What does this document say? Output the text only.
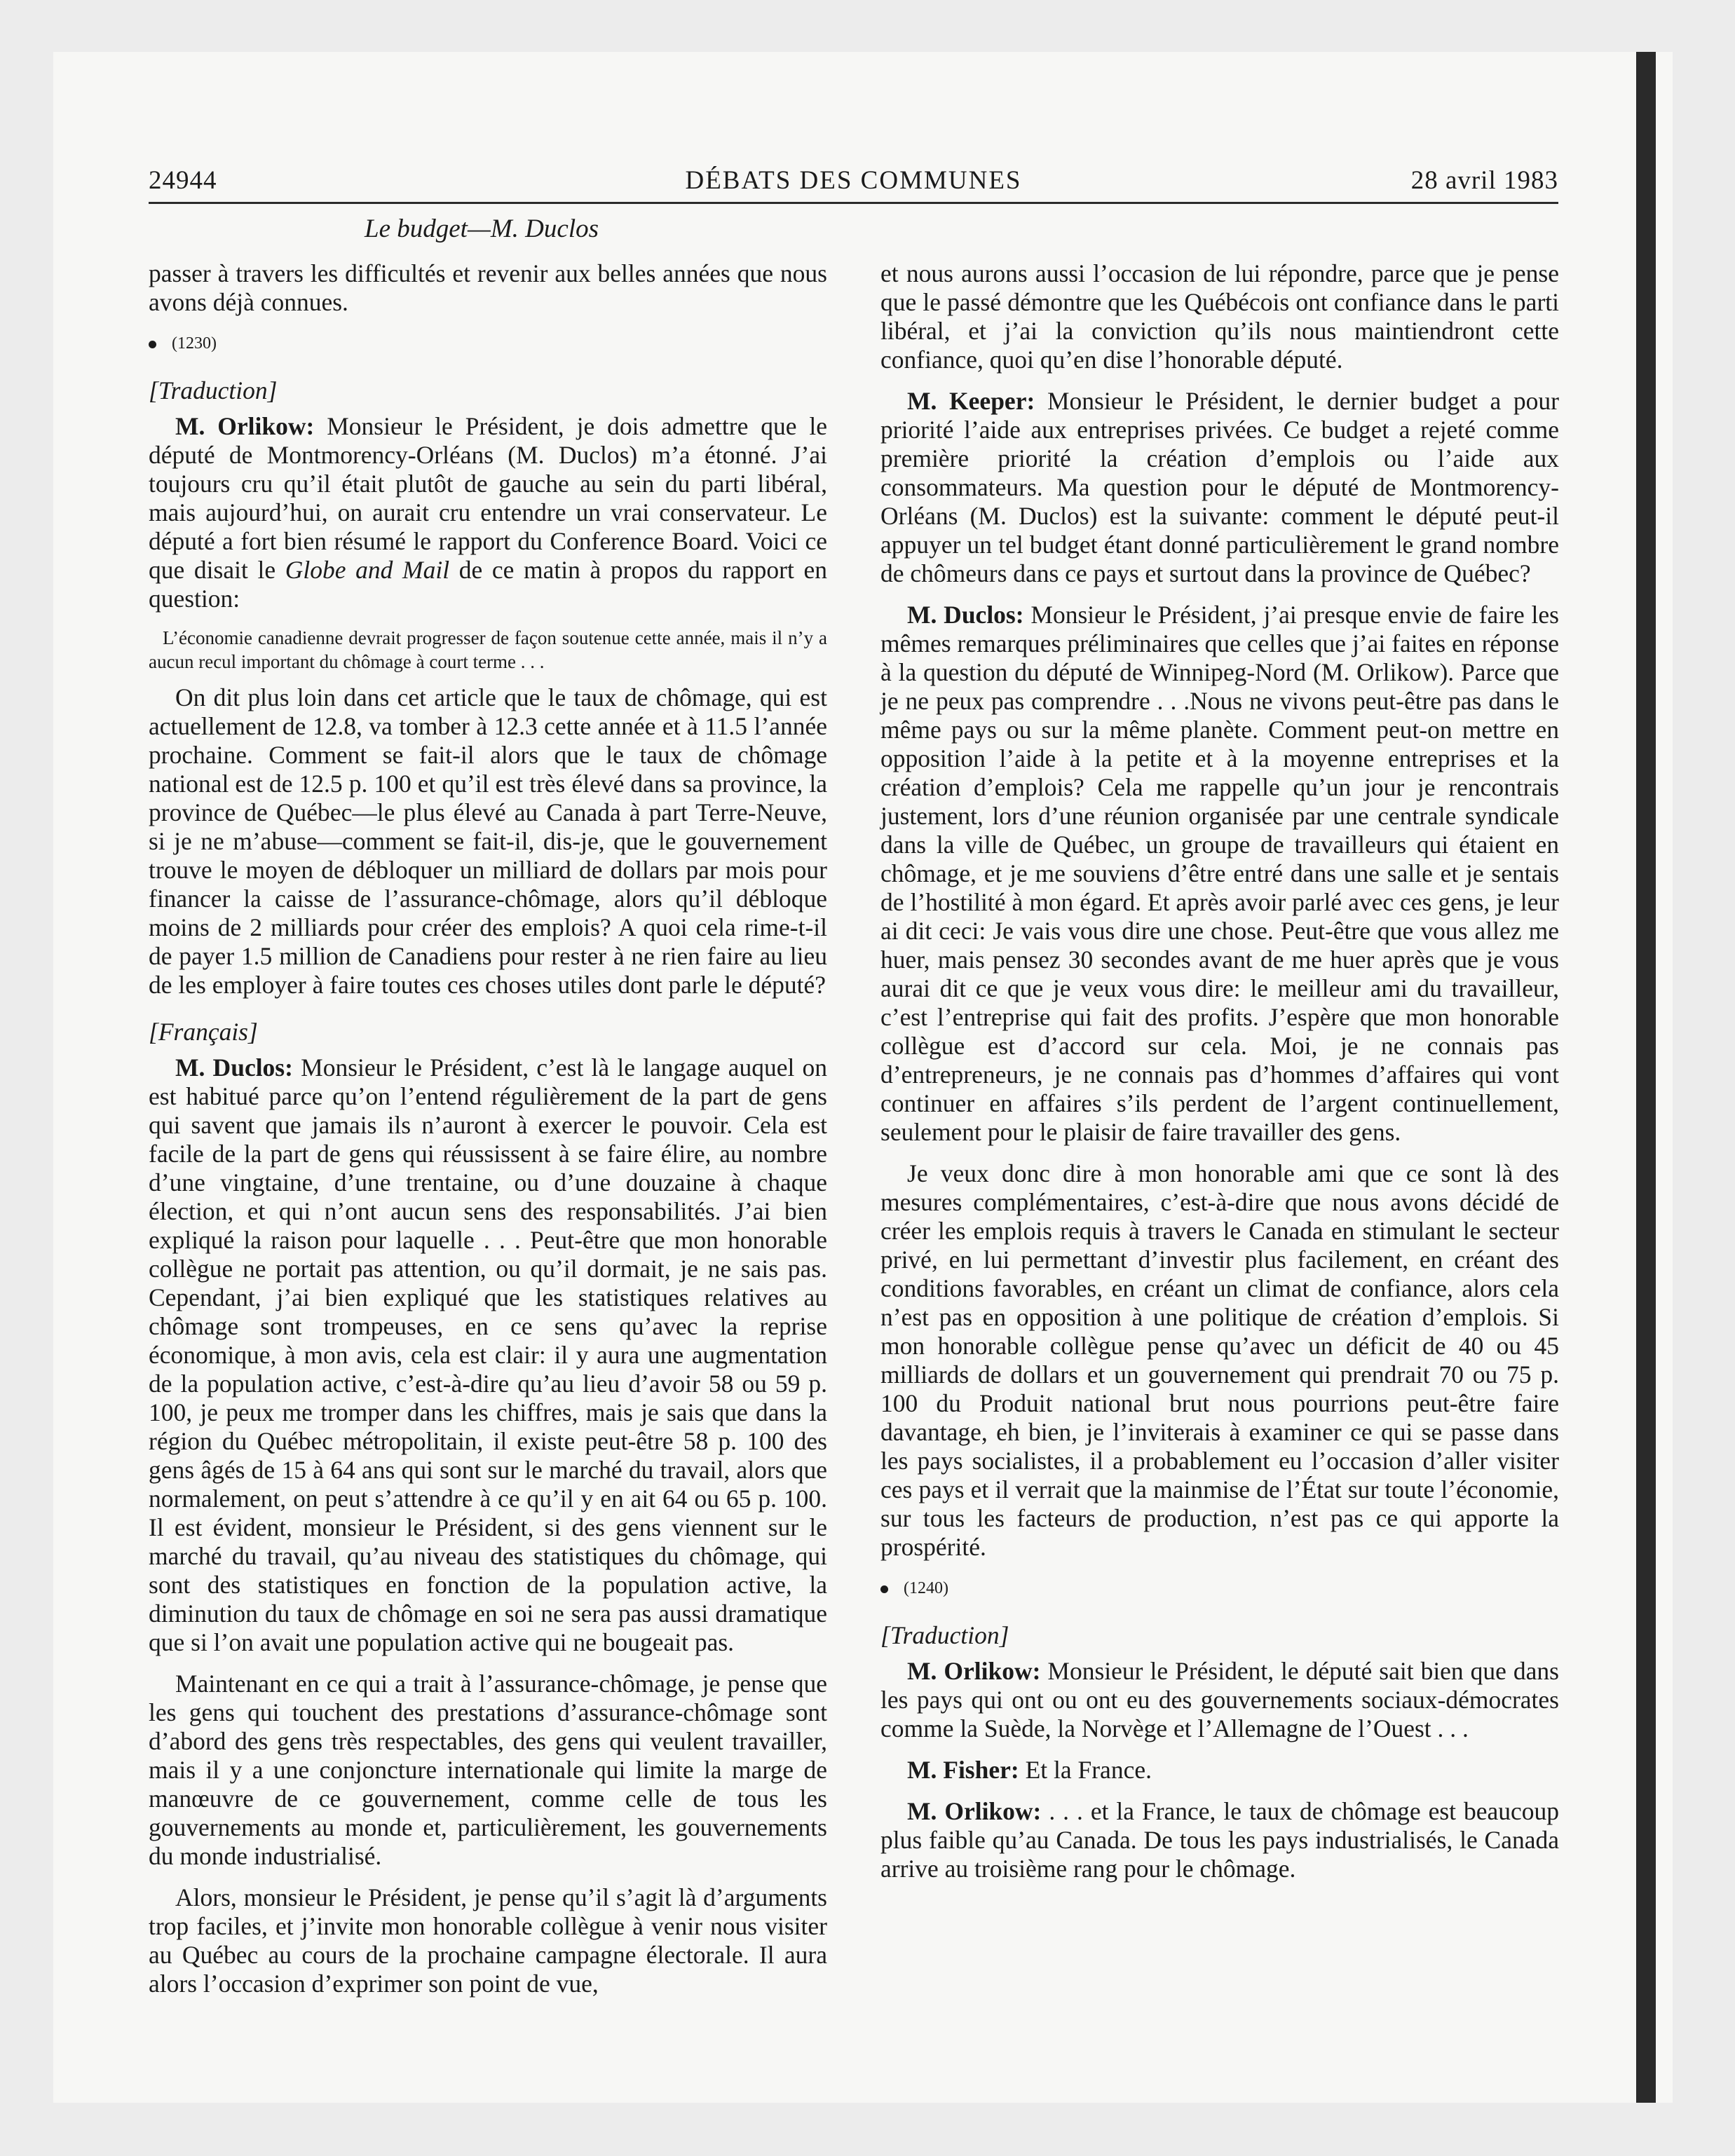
24944	DÉBATS DES COMMUNES	28 avril 1983
Le budget—M. Duclos

passer à travers les difficultés et revenir aux belles années que nous avons déjà connues.

(1230)

[Traduction]

M. Orlikow: Monsieur le Président, je dois admettre que le député de Montmorency-Orléans (M. Duclos) m’a étonné. J’ai toujours cru qu’il était plutôt de gauche au sein du parti libéral, mais aujourd’hui, on aurait cru entendre un vrai conservateur. Le député a fort bien résumé le rapport du Conference Board. Voici ce que disait le Globe and Mail de ce matin à propos du rapport en question:

L’économie canadienne devrait progresser de façon soutenue cette année, mais il n’y a aucun recul important du chômage à court terme . . .

On dit plus loin dans cet article que le taux de chômage, qui est actuellement de 12.8, va tomber à 12.3 cette année et à 11.5 l’année prochaine. Comment se fait-il alors que le taux de chômage national est de 12.5 p. 100 et qu’il est très élevé dans sa province, la province de Québec—le plus élevé au Canada à part Terre-Neuve, si je ne m’abuse—comment se fait-il, dis-je, que le gouvernement trouve le moyen de débloquer un milliard de dollars par mois pour financer la caisse de l’assurance-chômage, alors qu’il débloque moins de 2 milliards pour créer des emplois? A quoi cela rime-t-il de payer 1.5 million de Canadiens pour rester à ne rien faire au lieu de les employer à faire toutes ces choses utiles dont parle le député?

[Français]

M. Duclos: Monsieur le Président, c’est là le langage auquel on est habitué parce qu’on l’entend régulièrement de la part de gens qui savent que jamais ils n’auront à exercer le pouvoir. Cela est facile de la part de gens qui réussissent à se faire élire, au nombre d’une vingtaine, d’une trentaine, ou d’une douzaine à chaque élection, et qui n’ont aucun sens des responsabilités. J’ai bien expliqué la raison pour laquelle . . . Peut-être que mon honorable collègue ne portait pas attention, ou qu’il dormait, je ne sais pas. Cependant, j’ai bien expliqué que les statistiques relatives au chômage sont trompeuses, en ce sens qu’avec la reprise économique, à mon avis, cela est clair: il y aura une augmentation de la population active, c’est-à-dire qu’au lieu d’avoir 58 ou 59 p. 100, je peux me tromper dans les chiffres, mais je sais que dans la région du Québec métropolitain, il existe peut-être 58 p. 100 des gens âgés de 15 à 64 ans qui sont sur le marché du travail, alors que normalement, on peut s’attendre à ce qu’il y en ait 64 ou 65 p. 100. Il est évident, monsieur le Président, si des gens viennent sur le marché du travail, qu’au niveau des statistiques du chômage, qui sont des statistiques en fonction de la population active, la diminution du taux de chômage en soi ne sera pas aussi dramatique que si l’on avait une population active qui ne bougeait pas.

Maintenant en ce qui a trait à l’assurance-chômage, je pense que les gens qui touchent des prestations d’assurance-chômage sont d’abord des gens très respectables, des gens qui veulent travailler, mais il y a une conjoncture internationale qui limite la marge de manœuvre de ce gouvernement, comme celle de tous les gouvernements au monde et, particulièrement, les gouvernements du monde industrialisé.

Alors, monsieur le Président, je pense qu’il s’agit là d’arguments trop faciles, et j’invite mon honorable collègue à venir nous visiter au Québec au cours de la prochaine campagne électorale. Il aura alors l’occasion d’exprimer son point de vue,

et nous aurons aussi l’occasion de lui répondre, parce que je pense que le passé démontre que les Québécois ont confiance dans le parti libéral, et j’ai la conviction qu’ils nous maintiendront cette confiance, quoi qu’en dise l’honorable député.

M. Keeper: Monsieur le Président, le dernier budget a pour priorité l’aide aux entreprises privées. Ce budget a rejeté comme première priorité la création d’emplois ou l’aide aux consommateurs. Ma question pour le député de Montmorency-Orléans (M. Duclos) est la suivante: comment le député peut-il appuyer un tel budget étant donné particulièrement le grand nombre de chômeurs dans ce pays et surtout dans la province de Québec?

M. Duclos: Monsieur le Président, j’ai presque envie de faire les mêmes remarques préliminaires que celles que j’ai faites en réponse à la question du député de Winnipeg-Nord (M. Orlikow). Parce que je ne peux pas comprendre . . .Nous ne vivons peut-être pas dans le même pays ou sur la même planète. Comment peut-on mettre en opposition l’aide à la petite et à la moyenne entreprises et la création d’emplois? Cela me rappelle qu’un jour je rencontrais justement, lors d’une réunion organisée par une centrale syndicale dans la ville de Québec, un groupe de travailleurs qui étaient en chômage, et je me souviens d’être entré dans une salle et je sentais de l’hostilité à mon égard. Et après avoir parlé avec ces gens, je leur ai dit ceci: Je vais vous dire une chose. Peut-être que vous allez me huer, mais pensez 30 secondes avant de me huer après que je vous aurai dit ce que je veux vous dire: le meilleur ami du travailleur, c’est l’entreprise qui fait des profits. J’espère que mon honorable collègue est d’accord sur cela. Moi, je ne connais pas d’entrepreneurs, je ne connais pas d’hommes d’affaires qui vont continuer en affaires s’ils perdent de l’argent continuellement, seulement pour le plaisir de faire travailler des gens.

Je veux donc dire à mon honorable ami que ce sont là des mesures complémentaires, c’est-à-dire que nous avons décidé de créer les emplois requis à travers le Canada en stimulant le secteur privé, en lui permettant d’investir plus facilement, en créant des conditions favorables, en créant un climat de confiance, alors cela n’est pas en opposition à une politique de création d’emplois. Si mon honorable collègue pense qu’avec un déficit de 40 ou 45 milliards de dollars et un gouvernement qui prendrait 70 ou 75 p. 100 du Produit national brut nous pourrions peut-être faire davantage, eh bien, je l’inviterais à examiner ce qui se passe dans les pays socialistes, il a probablement eu l’occasion d’aller visiter ces pays et il verrait que la mainmise de l’État sur toute l’économie, sur tous les facteurs de production, n’est pas ce qui apporte la prospérité.

(1240)

[Traduction]

M. Orlikow: Monsieur le Président, le député sait bien que dans les pays qui ont ou ont eu des gouvernements sociaux-démocrates comme la Suède, la Norvège et l’Allemagne de l’Ouest . . .

M. Fisher: Et la France.

M. Orlikow: . . . et la France, le taux de chômage est beaucoup plus faible qu’au Canada. De tous les pays industrialisés, le Canada arrive au troisième rang pour le chômage.
